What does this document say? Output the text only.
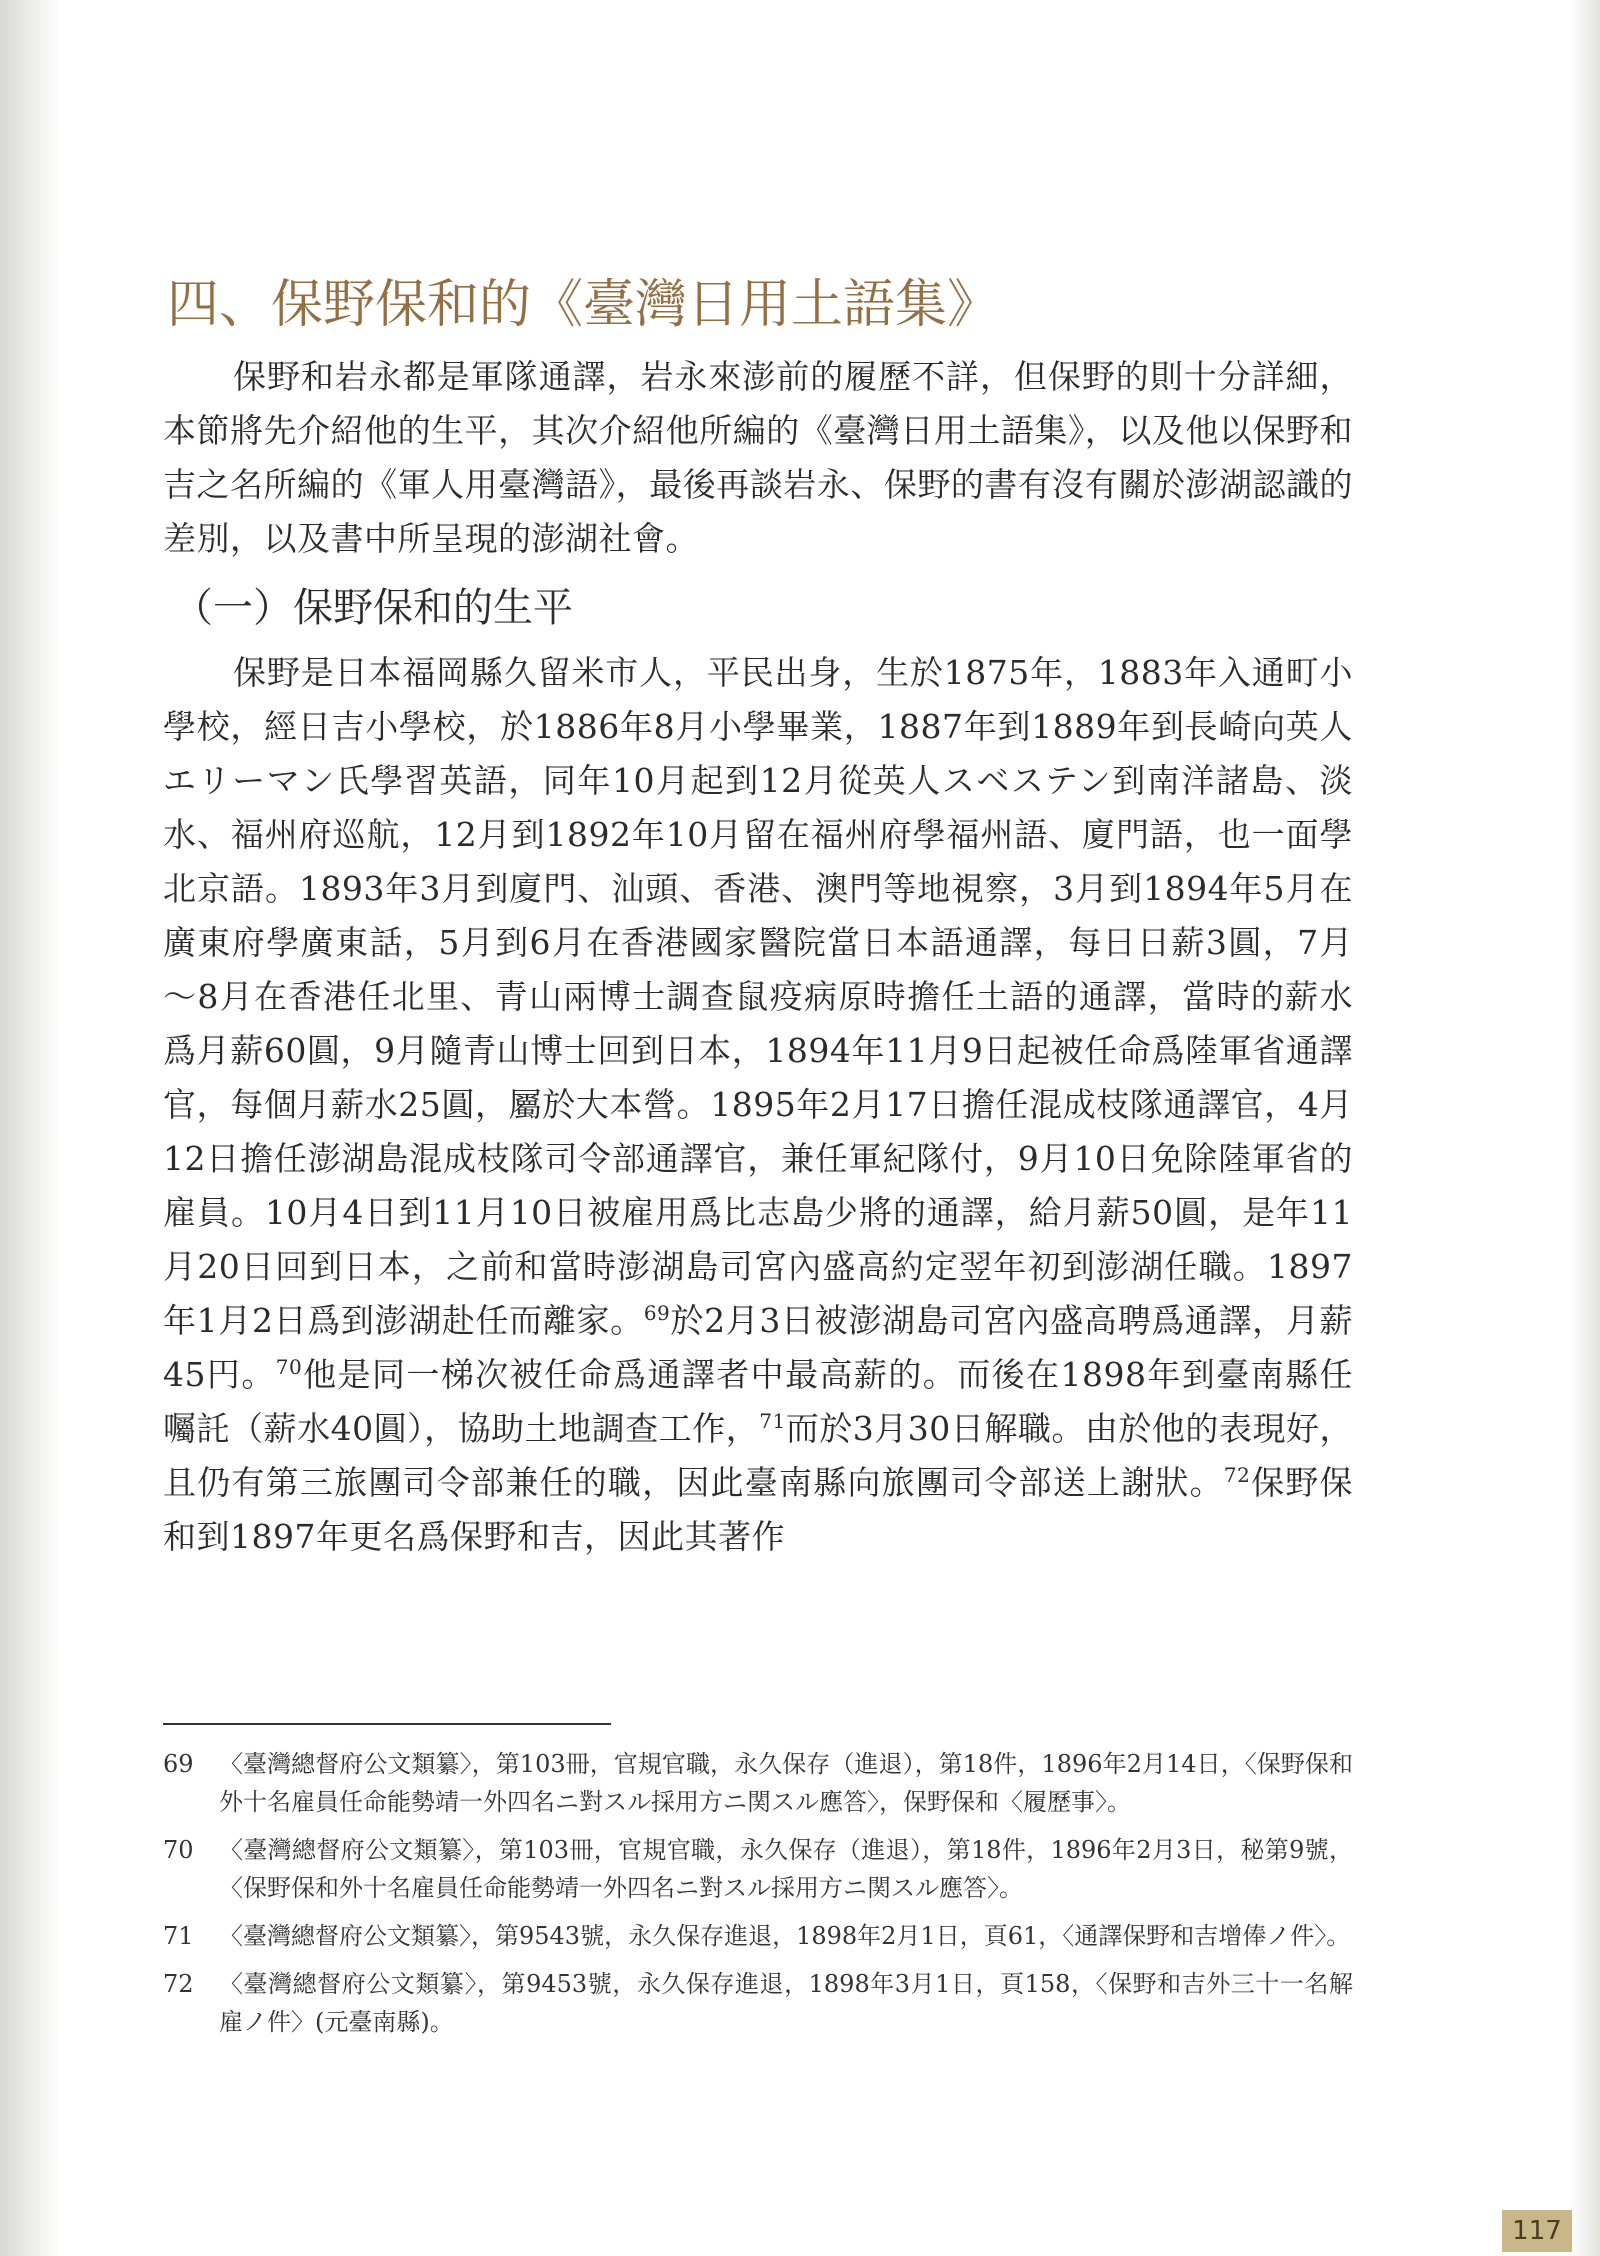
四、保野保和的《臺灣日用土語集》

保野和岩永都是軍隊通譯，岩永來澎前的履歷不詳，但保野的則十分詳細，本節將先介紹他的生平，其次介紹他所編的《臺灣日用土語集》，以及他以保野和吉之名所編的《軍人用臺灣語》，最後再談岩永、保野的書有沒有關於澎湖認識的差別，以及書中所呈現的澎湖社會。

（一）保野保和的生平

保野是日本福岡縣久留米市人，平民出身，生於1875年，1883年入通町小學校，經日吉小學校，於1886年8月小學畢業，1887年到1889年到長崎向英人エリーマン氏學習英語，同年10月起到12月從英人スベステン到南洋諸島、淡水、福州府巡航，12月到1892年10月留在福州府學福州語、廈門語，也一面學北京語。1893年3月到廈門、汕頭、香港、澳門等地視察，3月到1894年5月在廣東府學廣東話，5月到6月在香港國家醫院當日本語通譯，每日日薪3圓，7月～8月在香港任北里、青山兩博士調查鼠疫病原時擔任土語的通譯，當時的薪水爲月薪60圓，9月隨青山博士回到日本，1894年11月9日起被任命爲陸軍省通譯官，每個月薪水25圓，屬於大本營。1895年2月17日擔任混成枝隊通譯官，4月12日擔任澎湖島混成枝隊司令部通譯官，兼任軍紀隊付，9月10日免除陸軍省的雇員。10月4日到11月10日被雇用爲比志島少將的通譯，給月薪50圓，是年11月20日回到日本，之前和當時澎湖島司宮內盛高約定翌年初到澎湖任職。1897年1月2日爲到澎湖赴任而離家。$^{69}$於2月3日被澎湖島司宮內盛高聘爲通譯，月薪45円。$^{70}$他是同一梯次被任命爲通譯者中最高薪的。而後在1898年到臺南縣任囑託（薪水40圓），協助土地調查工作，$^{71}$而於3月30日解職。由於他的表現好，且仍有第三旅團司令部兼任的職，因此臺南縣向旅團司令部送上謝狀。$^{72}$保野保和到1897年更名爲保野和吉，因此其著作

69	〈臺灣總督府公文類纂〉，第103冊，官規官職，永久保存（進退），第18件，1896年2月14日，〈保野保和外十名雇員任命能勢靖一外四名ニ對スル採用方ニ関スル應答〉，保野保和〈履歷事〉。
70	〈臺灣總督府公文類纂〉，第103冊，官規官職，永久保存（進退），第18件，1896年2月3日，秘第9號，〈保野保和外十名雇員任命能勢靖一外四名ニ對スル採用方ニ関スル應答〉。
71	〈臺灣總督府公文類纂〉，第9543號，永久保存進退，1898年2月1日，頁61，〈通譯保野和吉增俸ノ件〉。
72	〈臺灣總督府公文類纂〉，第9453號，永久保存進退，1898年3月1日，頁158，〈保野和吉外三十一名解雇ノ件〉(元臺南縣)。
117
